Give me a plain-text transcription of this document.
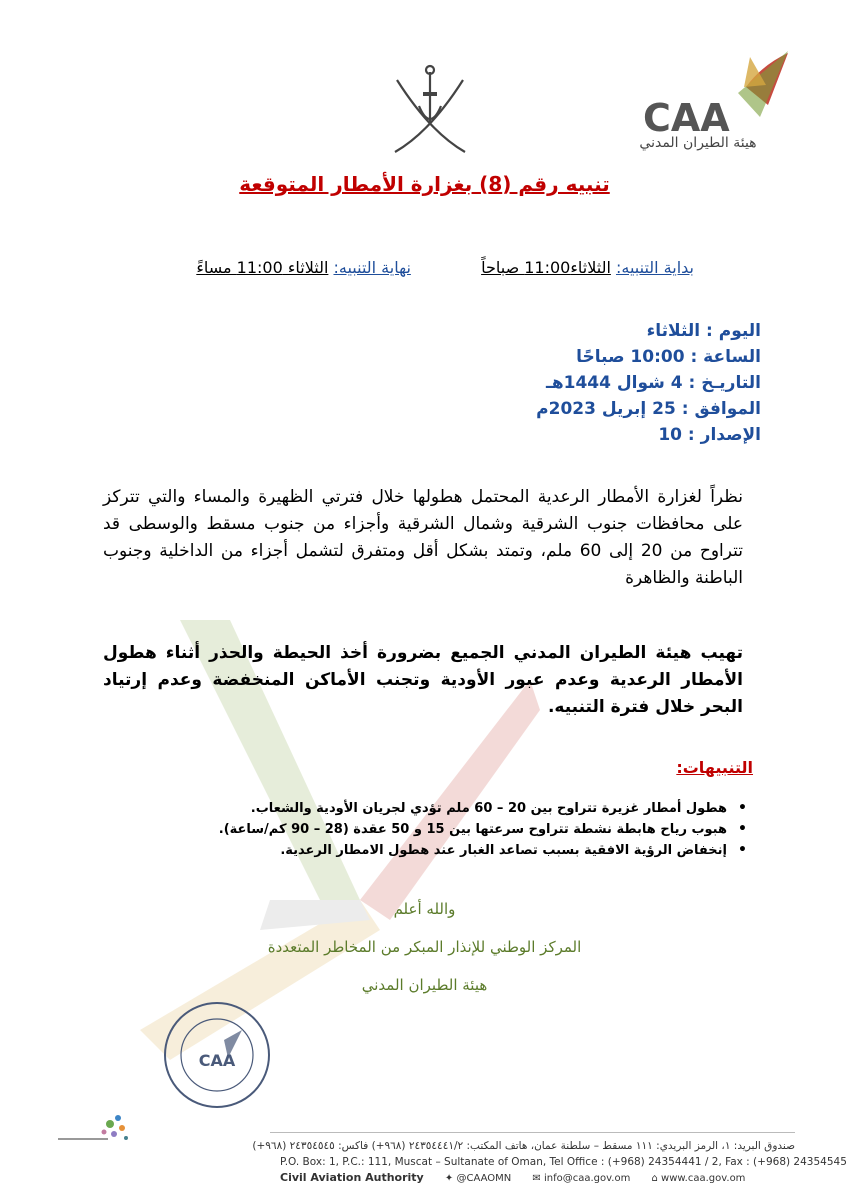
CAA
هيئة الطيران المدني
تنبيه رقم (8) بغزارة الأمطار المتوقعة
بداية التنبيه: الثلاثاء11:00 صباحاً  نهاية التنبيه: الثلاثاء 11:00 مساءً
اليوم : الثلاثاء
الساعة : 10:00 صباحًا
التاريـخ : 4 شوال 1444هـ
الموافق : 25 إبريل 2023م
الإصدار : 10
نظراً لغزارة الأمطار الرعدية المحتمل هطولها خلال فترتي الظهيرة والمساء والتي تتركز على محافظات جنوب الشرقية وشمال الشرقية وأجزاء من جنوب مسقط والوسطى قد تتراوح من 20 إلى 60 ملم، وتمتد بشكل أقل ومتفرق لتشمل أجزاء من الداخلية وجنوب الباطنة والظاهرة
تهيب هيئة الطيران المدني الجميع بضرورة أخذ الحيطة والحذر أثناء هطول الأمطار الرعدية وعدم عبور الأودية وتجنب الأماكن المنخفضة وعدم إرتياد البحر خلال فترة التنبيه.
التنبيهات:
• هطول أمطار غزيرة تتراوح بين 20 – 60 ملم تؤدي لجريان الأودية والشعاب.
• هبوب رياح هابطة نشطة تتراوح سرعتها بين 15 و 50 عقدة (28 – 90 كم/ساعة).
• إنخفاض الرؤية الافقية بسبب تصاعد الغبار عند هطول الامطار الرعدية.
والله أعلم
المركز الوطني للإنذار المبكر من المخاطر المتعددة
هيئة الطيران المدني
CAA
صندوق البريد: ١، الرمز البريدي: ١١١ مسقط – سلطنة عمان، هاتف المكتب: ٢٤٣٥٤٤٤١/٢ (٩٦٨+) فاكس: ٢٤٣٥٤٥٤٥ (٩٦٨+)
P.O. Box: 1, P.C.: 111, Muscat – Sultanate of Oman, Tel Office : (+968) 24354441 / 2, Fax : (+968) 24354545
Civil Aviation Authority ✦ @CAAOMN ✉ info@caa.gov.om ⌂ www.caa.gov.om
